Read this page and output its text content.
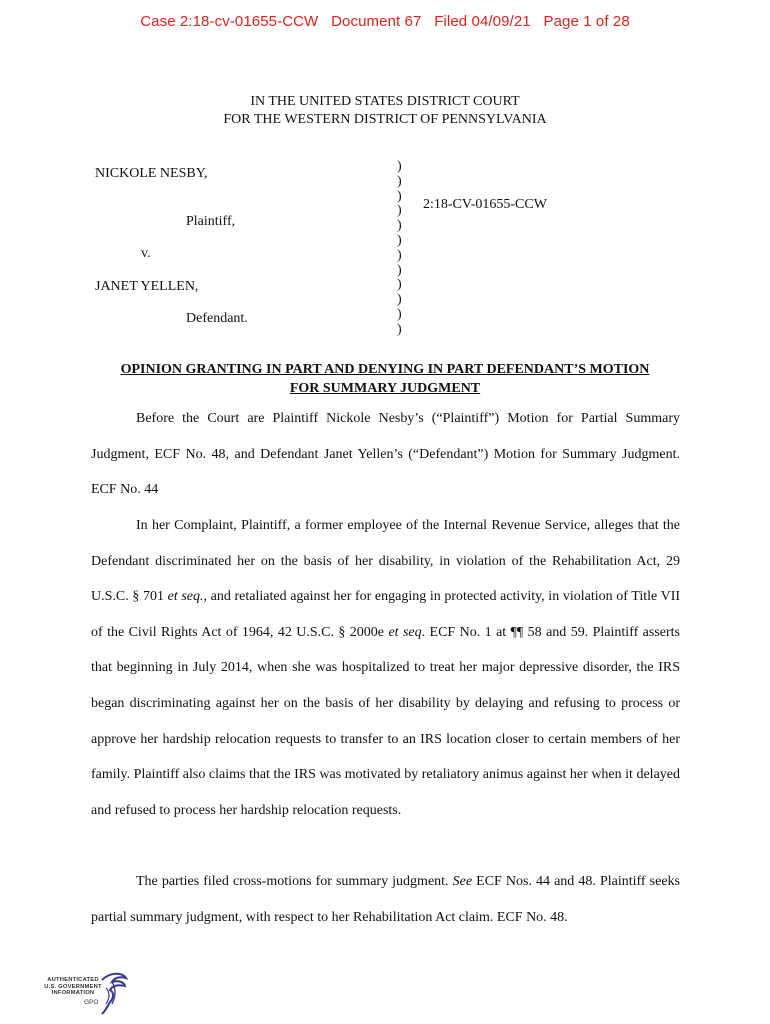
Case 2:18-cv-01655-CCW   Document 67   Filed 04/09/21   Page 1 of 28
IN THE UNITED STATES DISTRICT COURT
FOR THE WESTERN DISTRICT OF PENNSYLVANIA
NICKOLE NESBY,
Plaintiff,
v.
JANET YELLEN,
Defendant.
)
)
)
)
)
)
)
)
)
)
)
)
2:18-CV-01655-CCW
OPINION GRANTING IN PART AND DENYING IN PART DEFENDANT’S MOTION
FOR SUMMARY JUDGMENT

Before the Court are Plaintiff Nickole Nesby’s (“Plaintiff”) Motion for Partial Summary Judgment, ECF No. 48, and Defendant Janet Yellen’s (“Defendant”) Motion for Summary Judgment. ECF No. 44

In her Complaint, Plaintiff, a former employee of the Internal Revenue Service, alleges that the Defendant discriminated her on the basis of her disability, in violation of the Rehabilitation Act, 29 U.S.C. § 701 et seq., and retaliated against her for engaging in protected activity, in violation of Title VII of the Civil Rights Act of 1964, 42 U.S.C. § 2000e et seq. ECF No. 1 at ¶¶ 58 and 59. Plaintiff asserts that beginning in July 2014, when she was hospitalized to treat her major depressive disorder, the IRS began discriminating against her on the basis of her disability by delaying and refusing to process or approve her hardship relocation requests to transfer to an IRS location closer to certain members of her family. Plaintiff also claims that the IRS was motivated by retaliatory animus against her when it delayed and refused to process her hardship relocation requests.

The parties filed cross-motions for summary judgment. See ECF Nos. 44 and 48. Plaintiff seeks partial summary judgment, with respect to her Rehabilitation Act claim. ECF No. 48.

AUTHENTICATED
U.S. GOVERNMENT
INFORMATION
GPO
